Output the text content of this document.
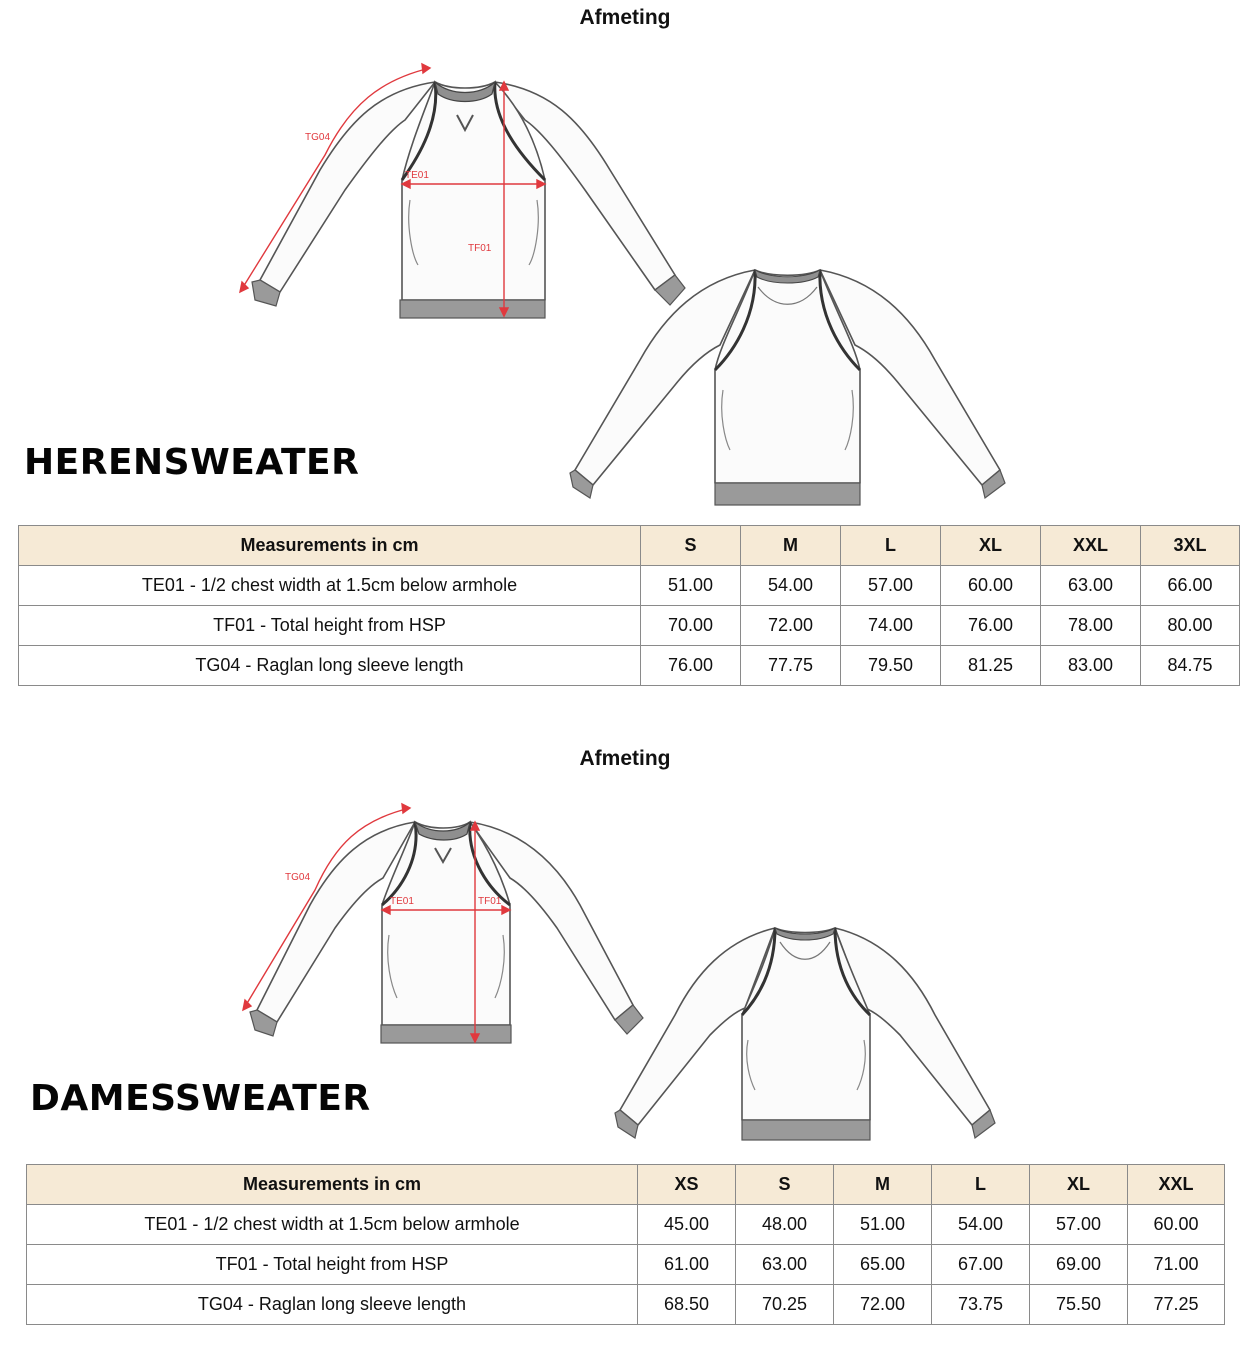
Afmeting
TG04
TE01
TF01
HERENSWEATER
Measurements in cm	S	M	L	XL	XXL	3XL
TE01 - 1/2 chest width at 1.5cm below armhole	51.00	54.00	57.00	60.00	63.00	66.00
TF01 - Total height from HSP	70.00	72.00	74.00	76.00	78.00	80.00
TG04 - Raglan long sleeve length	76.00	77.75	79.50	81.25	83.00	84.75
Afmeting
TG04
TE01	TF01
DAMESSWEATER
Measurements in cm	XS	S	M	L	XL	XXL
TE01 - 1/2 chest width at 1.5cm below armhole	45.00	48.00	51.00	54.00	57.00	60.00
TF01 - Total height from HSP	61.00	63.00	65.00	67.00	69.00	71.00
TG04 - Raglan long sleeve length	68.50	70.25	72.00	73.75	75.50	77.25
